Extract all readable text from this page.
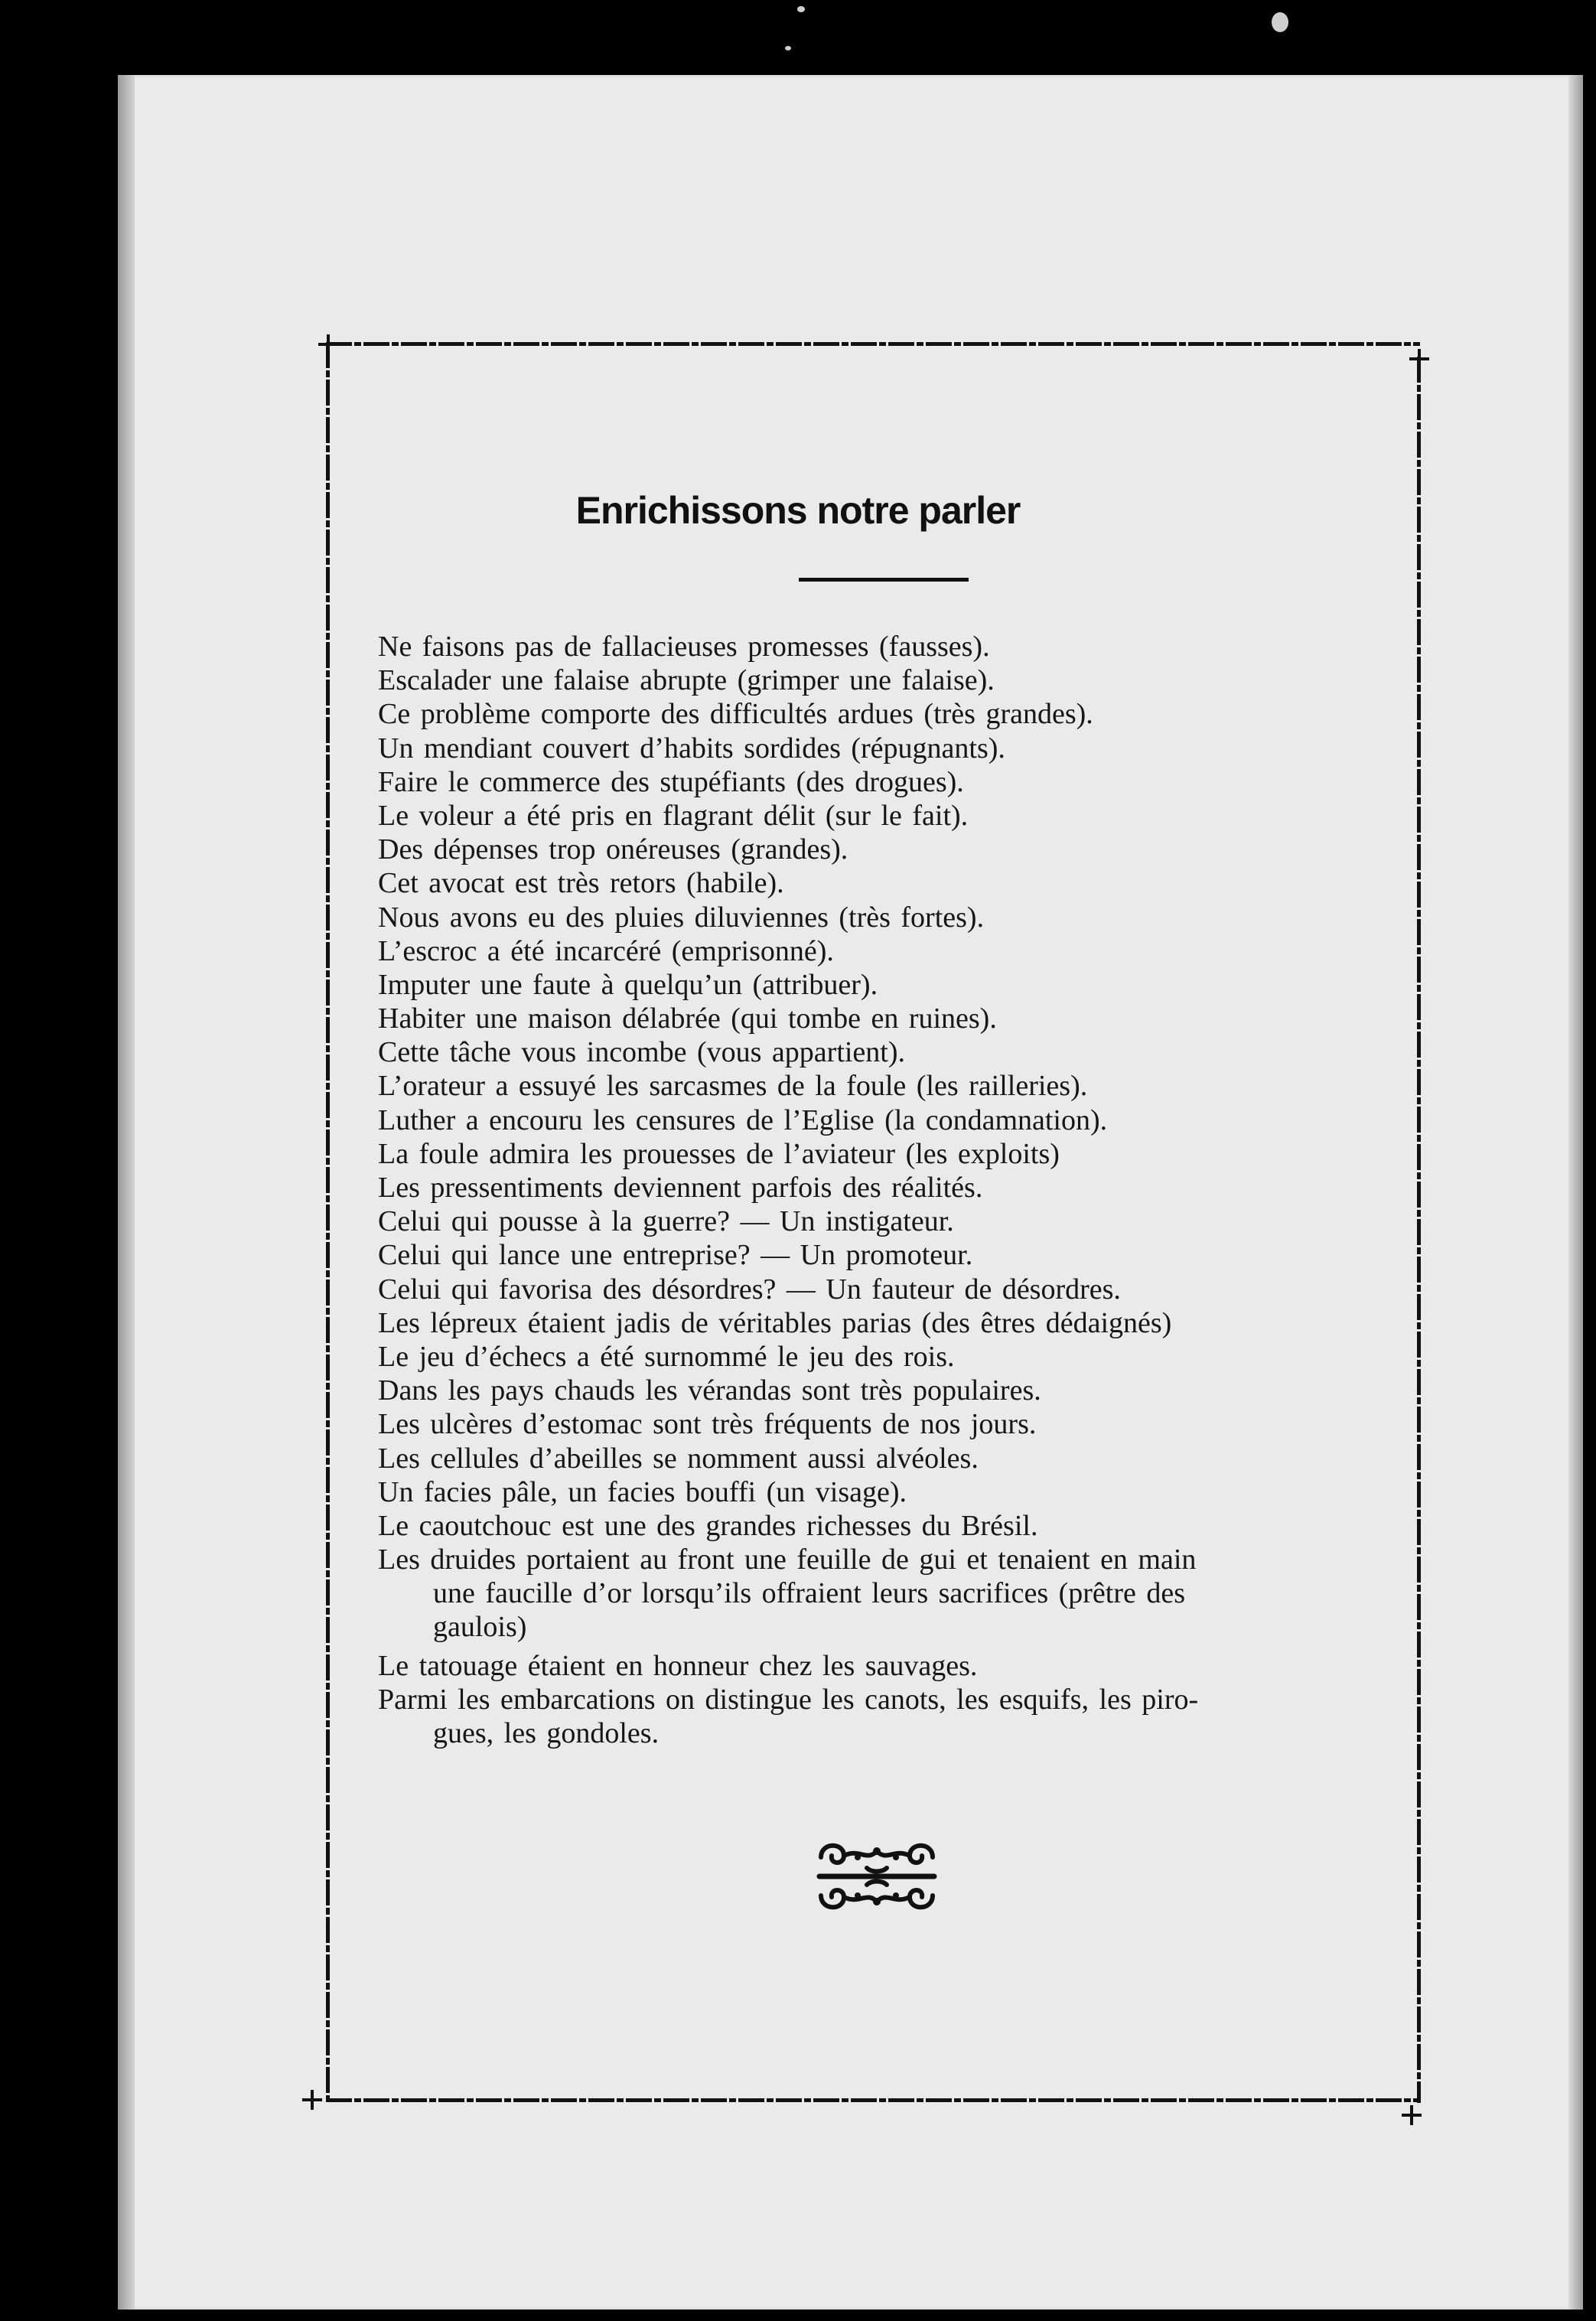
Enrichissons notre parler
Ne faisons pas de fallacieuses promesses (fausses).
Escalader une falaise abrupte (grimper une falaise).
Ce problème comporte des difficultés ardues (très grandes).
Un mendiant couvert d’habits sordides (répugnants).
Faire le commerce des stupéfiants (des drogues).
Le voleur a été pris en flagrant délit (sur le fait).
Des dépenses trop onéreuses (grandes).
Cet avocat est très retors (habile).
Nous avons eu des pluies diluviennes (très fortes).
L’escroc a été incarcéré (emprisonné).
Imputer une faute à quelqu’un (attribuer).
Habiter une maison délabrée (qui tombe en ruines).
Cette tâche vous incombe (vous appartient).
L’orateur a essuyé les sarcasmes de la foule (les railleries).
Luther a encouru les censures de l’Eglise (la condamnation).
La foule admira les prouesses de l’aviateur (les exploits)
Les pressentiments deviennent parfois des réalités.
Celui qui pousse à la guerre? — Un instigateur.
Celui qui lance une entreprise? — Un promoteur.
Celui qui favorisa des désordres? — Un fauteur de désordres.
Les lépreux étaient jadis de véritables parias (des êtres dédaignés)
Le jeu d’échecs a été surnommé le jeu des rois.
Dans les pays chauds les vérandas sont très populaires.
Les ulcères d’estomac sont très fréquents de nos jours.
Les cellules d’abeilles se nomment aussi alvéoles.
Un facies pâle, un facies bouffi (un visage).
Le caoutchouc est une des grandes richesses du Brésil.
Les druides portaient au front une feuille de gui et tenaient en main
une faucille d’or lorsqu’ils offraient leurs sacrifices (prêtre des
gaulois)
Le tatouage étaient en honneur chez les sauvages.
Parmi les embarcations on distingue les canots, les esquifs, les piro-
gues, les gondoles.
